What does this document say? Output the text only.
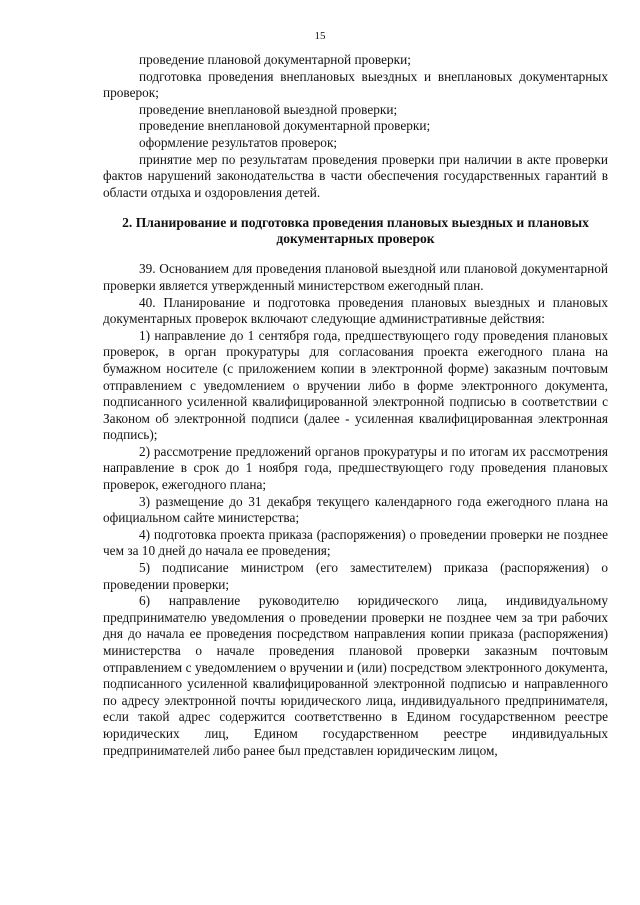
15

проведение плановой документарной проверки;

подготовка проведения внеплановых выездных и внеплановых документарных проверок;

проведение внеплановой выездной проверки;

проведение внеплановой документарной проверки;

оформление результатов проверок;

принятие мер по результатам проведения проверки при наличии в акте проверки фактов нарушений законодательства в части обеспечения государственных гарантий в области отдыха и оздоровления детей.

2. Планирование и подготовка проведения плановых выездных и плановых документарных проверок

39. Основанием для проведения плановой выездной или плановой документарной проверки является утвержденный министерством ежегодный план.

40. Планирование и подготовка проведения плановых выездных и плановых документарных проверок включают следующие административные действия:

1) направление до 1 сентября года, предшествующего году проведения плановых проверок, в орган прокуратуры для согласования проекта ежегодного плана на бумажном носителе (с приложением копии в электронной форме) заказным почтовым отправлением с уведомлением о вручении либо в форме электронного документа, подписанного усиленной квалифицированной электронной подписью в соответствии с Законом об электронной подписи (далее - усиленная квалифицированная электронная подпись);

2) рассмотрение предложений органов прокуратуры и по итогам их рассмотрения направление в срок до 1 ноября года, предшествующего году проведения плановых проверок, ежегодного плана;

3) размещение до 31 декабря текущего календарного года ежегодного плана на официальном сайте министерства;

4) подготовка проекта приказа (распоряжения) о проведении проверки не позднее чем за 10 дней до начала ее проведения;

5) подписание министром (его заместителем) приказа (распоряжения) о проведении проверки;

6) направление руководителю юридического лица, индивидуальному предпринимателю уведомления о проведении проверки не позднее чем за три рабочих дня до начала ее проведения посредством направления копии приказа (распоряжения) министерства о начале проведения плановой проверки заказным почтовым отправлением с уведомлением о вручении и (или) посредством электронного документа, подписанного усиленной квалифицированной электронной подписью и направленного по адресу электронной почты юридического лица, индивидуального предпринимателя, если такой адрес содержится соответственно в Едином государственном реестре юридических лиц, Едином государственном реестре индивидуальных предпринимателей либо ранее был представлен юридическим лицом,
